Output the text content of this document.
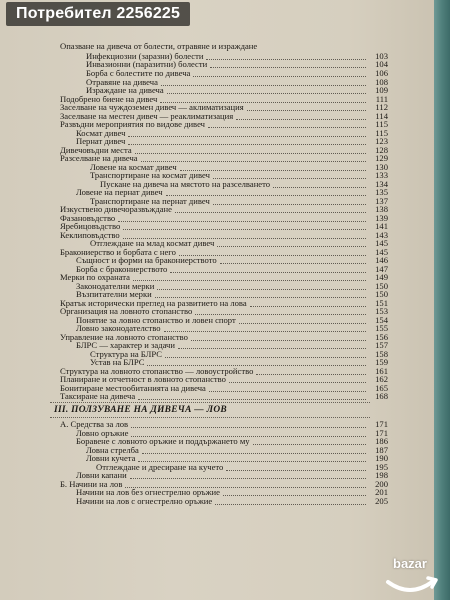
Потребител 2256225
Опазване на дивеча от болести, отравяне и израждане
Инфекциозни (заразни) болести	103
Инвазионни (паразитни) болести	104
Борба с болестите по дивеча	106
Отравяне на дивеча	108
Израждане на дивеча	109
Подобрено биене на дивеч	111
Заселване на чуждоземен дивеч — аклиматизация	112
Заселване на местен дивеч — реаклиматизация	114
Развъдни мероприятия по видове дивеч	115
Космат дивеч	115
Пернат дивеч	123
Дивечовъдни места	128
Разселване на дивеча	129
Ловене на космат дивеч	130
Транспортиране на космат дивеч	133
Пускане на дивеча на мястото на разселването	134
Ловене на пернат дивеч	135
Транспортиране на пернат дивеч	137
Изкуствено дивечоразвъждане	138
Фазановъдство	139
Яребицовъдство	141
Кеклиповъдство	143
Отглеждане на млад космат дивеч	145
Бракониерство и борбата с него	145
Същност и форми на бракониерството	146
Борба с бракониерството	147
Мерки по охраната	149
Законодателни мерки	150
Възпитателни мерки	150
Кратък исторически преглед на развитието на лова	151
Организация на ловното стопанство	153
Понятие за ловно стопанство и ловен спорт	154
Ловно законодателство	155
Управление на ловното стопанство	156
БЛРС — характер и задачи	157
Структура на БЛРС	158
Устав на БЛРС	159
Структура на ловното стопанство — ловоустройство	161
Планиране и отчетност в ловното стопанство	162
Бонитиране местообитанията на дивеча	165
Таксиране на дивеча	168
III. ПОЛЗУВАНЕ НА ДИВЕЧА — ЛОВ
А. Средства за лов	171
Ловно оръжие	171
Боравене с ловното оръжие и поддържането му	186
Ловна стрелба	187
Ловни кучета	190
Отглеждане и дресиране на кучето	195
Ловни капани	198
Б. Начини на лов	200
Начини на лов без огнестрелно оръжие	201
Начини на лов с огнестрелно оръжие	205
bazar
